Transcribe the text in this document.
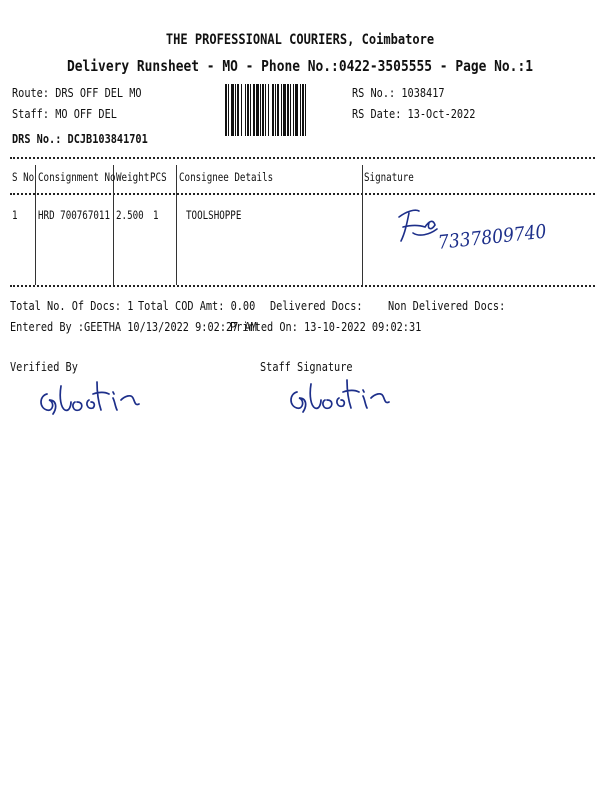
THE PROFESSIONAL COURIERS, Coimbatore
Delivery Runsheet - MO - Phone No.:0422-3505555 - Page No.:1
Route: DRS OFF DEL MO
Staff: MO OFF DEL
DRS No.: DCJB103841701
RS No.: 1038417
RS Date: 13-Oct-2022
S No Consignment No Weight PCS Consignee Details	Signature
1 HRD 700767011 2.500 1 TOOLSHOPPE
7337809740
Total No. Of Docs: 1 Total COD Amt: 0.00 Delivered Docs: Non Delivered Docs:
Entered By :GEETHA 10/13/2022 9:02:27 AM
Printed On: 13-10-2022 09:02:31
Verified By	Staff Signature
